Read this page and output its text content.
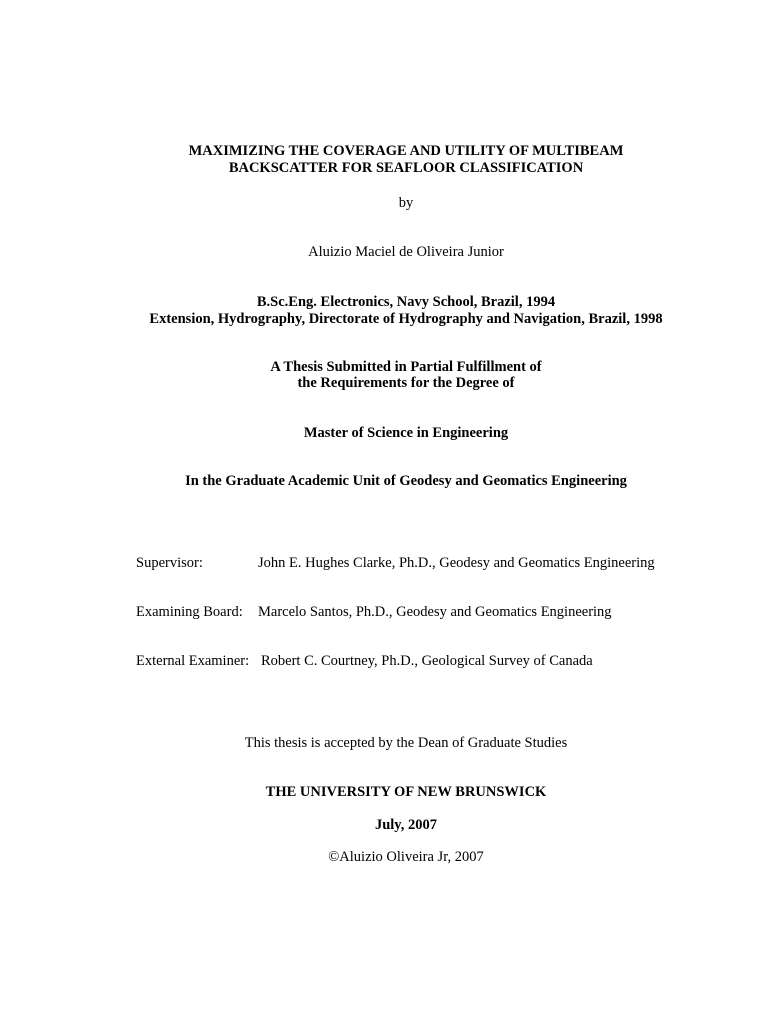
MAXIMIZING THE COVERAGE AND UTILITY OF MULTIBEAM
BACKSCATTER FOR SEAFLOOR CLASSIFICATION
by
Aluizio Maciel de Oliveira Junior
B.Sc.Eng. Electronics, Navy School, Brazil, 1994
Extension, Hydrography, Directorate of Hydrography and Navigation, Brazil, 1998
A Thesis Submitted in Partial Fulfillment of
the Requirements for the Degree of
Master of Science in Engineering
In the Graduate Academic Unit of Geodesy and Geomatics Engineering
Supervisor:	John E. Hughes Clarke, Ph.D., Geodesy and Geomatics Engineering
Examining Board: Marcelo Santos, Ph.D., Geodesy and Geomatics Engineering
External Examiner: Robert C. Courtney, Ph.D., Geological Survey of Canada
This thesis is accepted by the Dean of Graduate Studies
THE UNIVERSITY OF NEW BRUNSWICK
July, 2007
©Aluizio Oliveira Jr, 2007
